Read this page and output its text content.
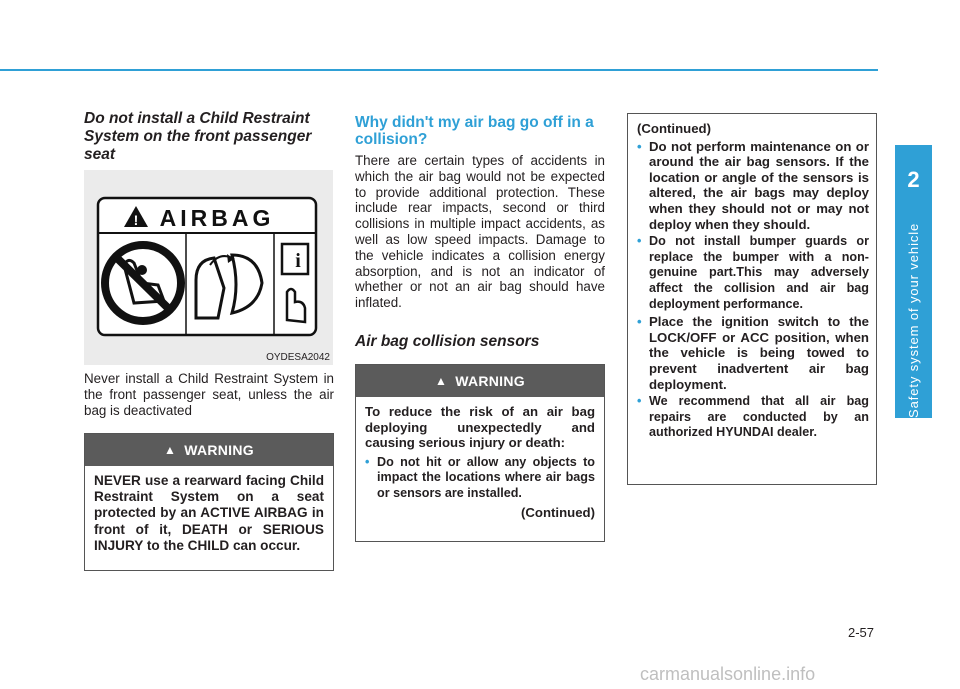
2
Safety system of your vehicle
Do not install a Child Restraint System on the front passenger seat
! AIRBAG
i
OYDESA2042
Never install a Child Restraint System in the front passenger seat, unless the air bag is deactivated
▲ WARNING
NEVER use a rearward facing Child Restraint System on a seat protected by an ACTIVE AIRBAG in front of it, DEATH or SERIOUS INJURY to the CHILD can occur.
Why didn't my air bag go off in a collision?
There are certain types of accidents in which the air bag would not be expected to provide additional protection. These include rear impacts, second or third collisions in multiple impact accidents, as well as low speed impacts. Damage to the vehicle indicates a collision energy absorption, and is not an indicator of whether or not an air bag should have inflated.
Air bag collision sensors
▲ WARNING
To reduce the risk of an air bag deploying unexpectedly and causing serious injury or death:
• Do not hit or allow any objects to impact the locations where air bags or sensors are installed.
(Continued)
(Continued)
• Do not perform maintenance on or around the air bag sensors. If the location or angle of the sensors is altered, the air bags may deploy when they should not or may not deploy when they should.
• Do not install bumper guards or replace the bumper with a non-genuine part.This may adversely affect the collision and air bag deployment performance.
• Place the ignition switch to the LOCK/OFF or ACC position, when the vehicle is being towed to prevent inadvertent air bag deployment.
• We recommend that all air bag repairs are conducted by an authorized HYUNDAI dealer.
2-57
carmanualsonline.info
